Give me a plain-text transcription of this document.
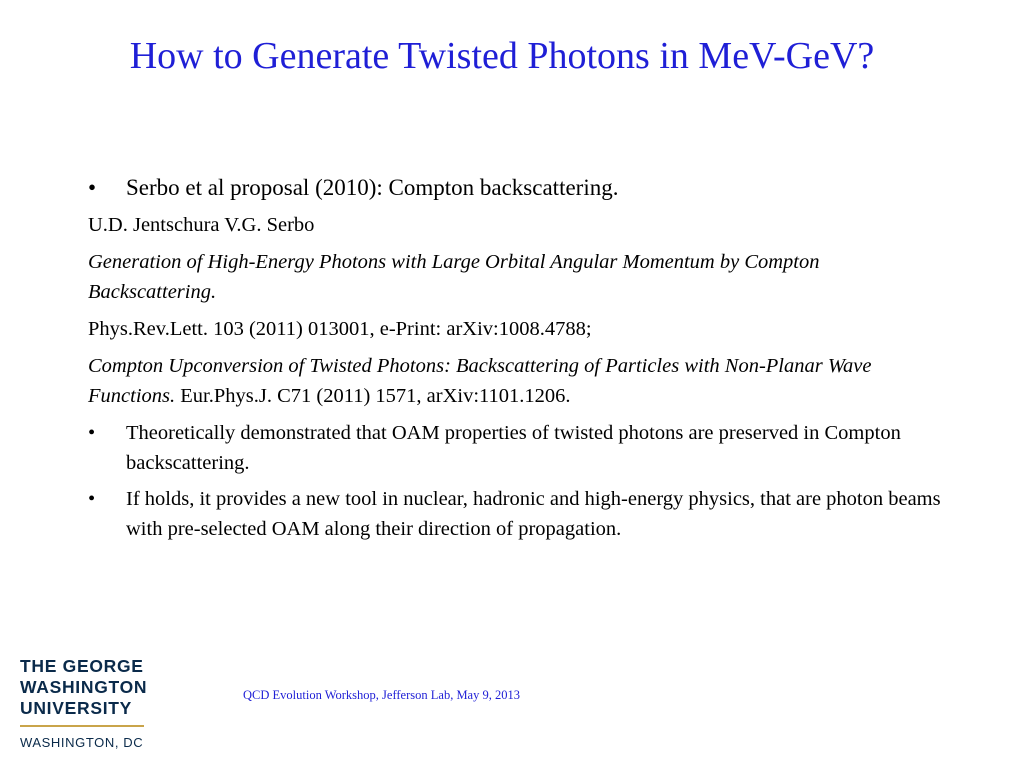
How to Generate Twisted Photons in MeV-GeV?
•	Serbo et al proposal (2010): Compton backscattering.
U.D. Jentschura V.G. Serbo
Generation of High-Energy Photons with Large Orbital Angular Momentum by Compton Backscattering.
Phys.Rev.Lett. 103 (2011) 013001, e-Print: arXiv:1008.4788;
Compton Upconversion of Twisted Photons: Backscattering of Particles with Non-Planar Wave Functions. Eur.Phys.J. C71 (2011) 1571, arXiv:1101.1206.
•	Theoretically demonstrated that OAM properties of twisted photons are preserved in Compton backscattering.
•	If holds, it provides a new tool in nuclear, hadronic and high-energy physics, that are photon beams with pre-selected OAM along their direction of propagation.
THE GEORGE
WASHINGTON
UNIVERSITY
WASHINGTON, DC
QCD Evolution Workshop, Jefferson Lab, May 9, 2013
